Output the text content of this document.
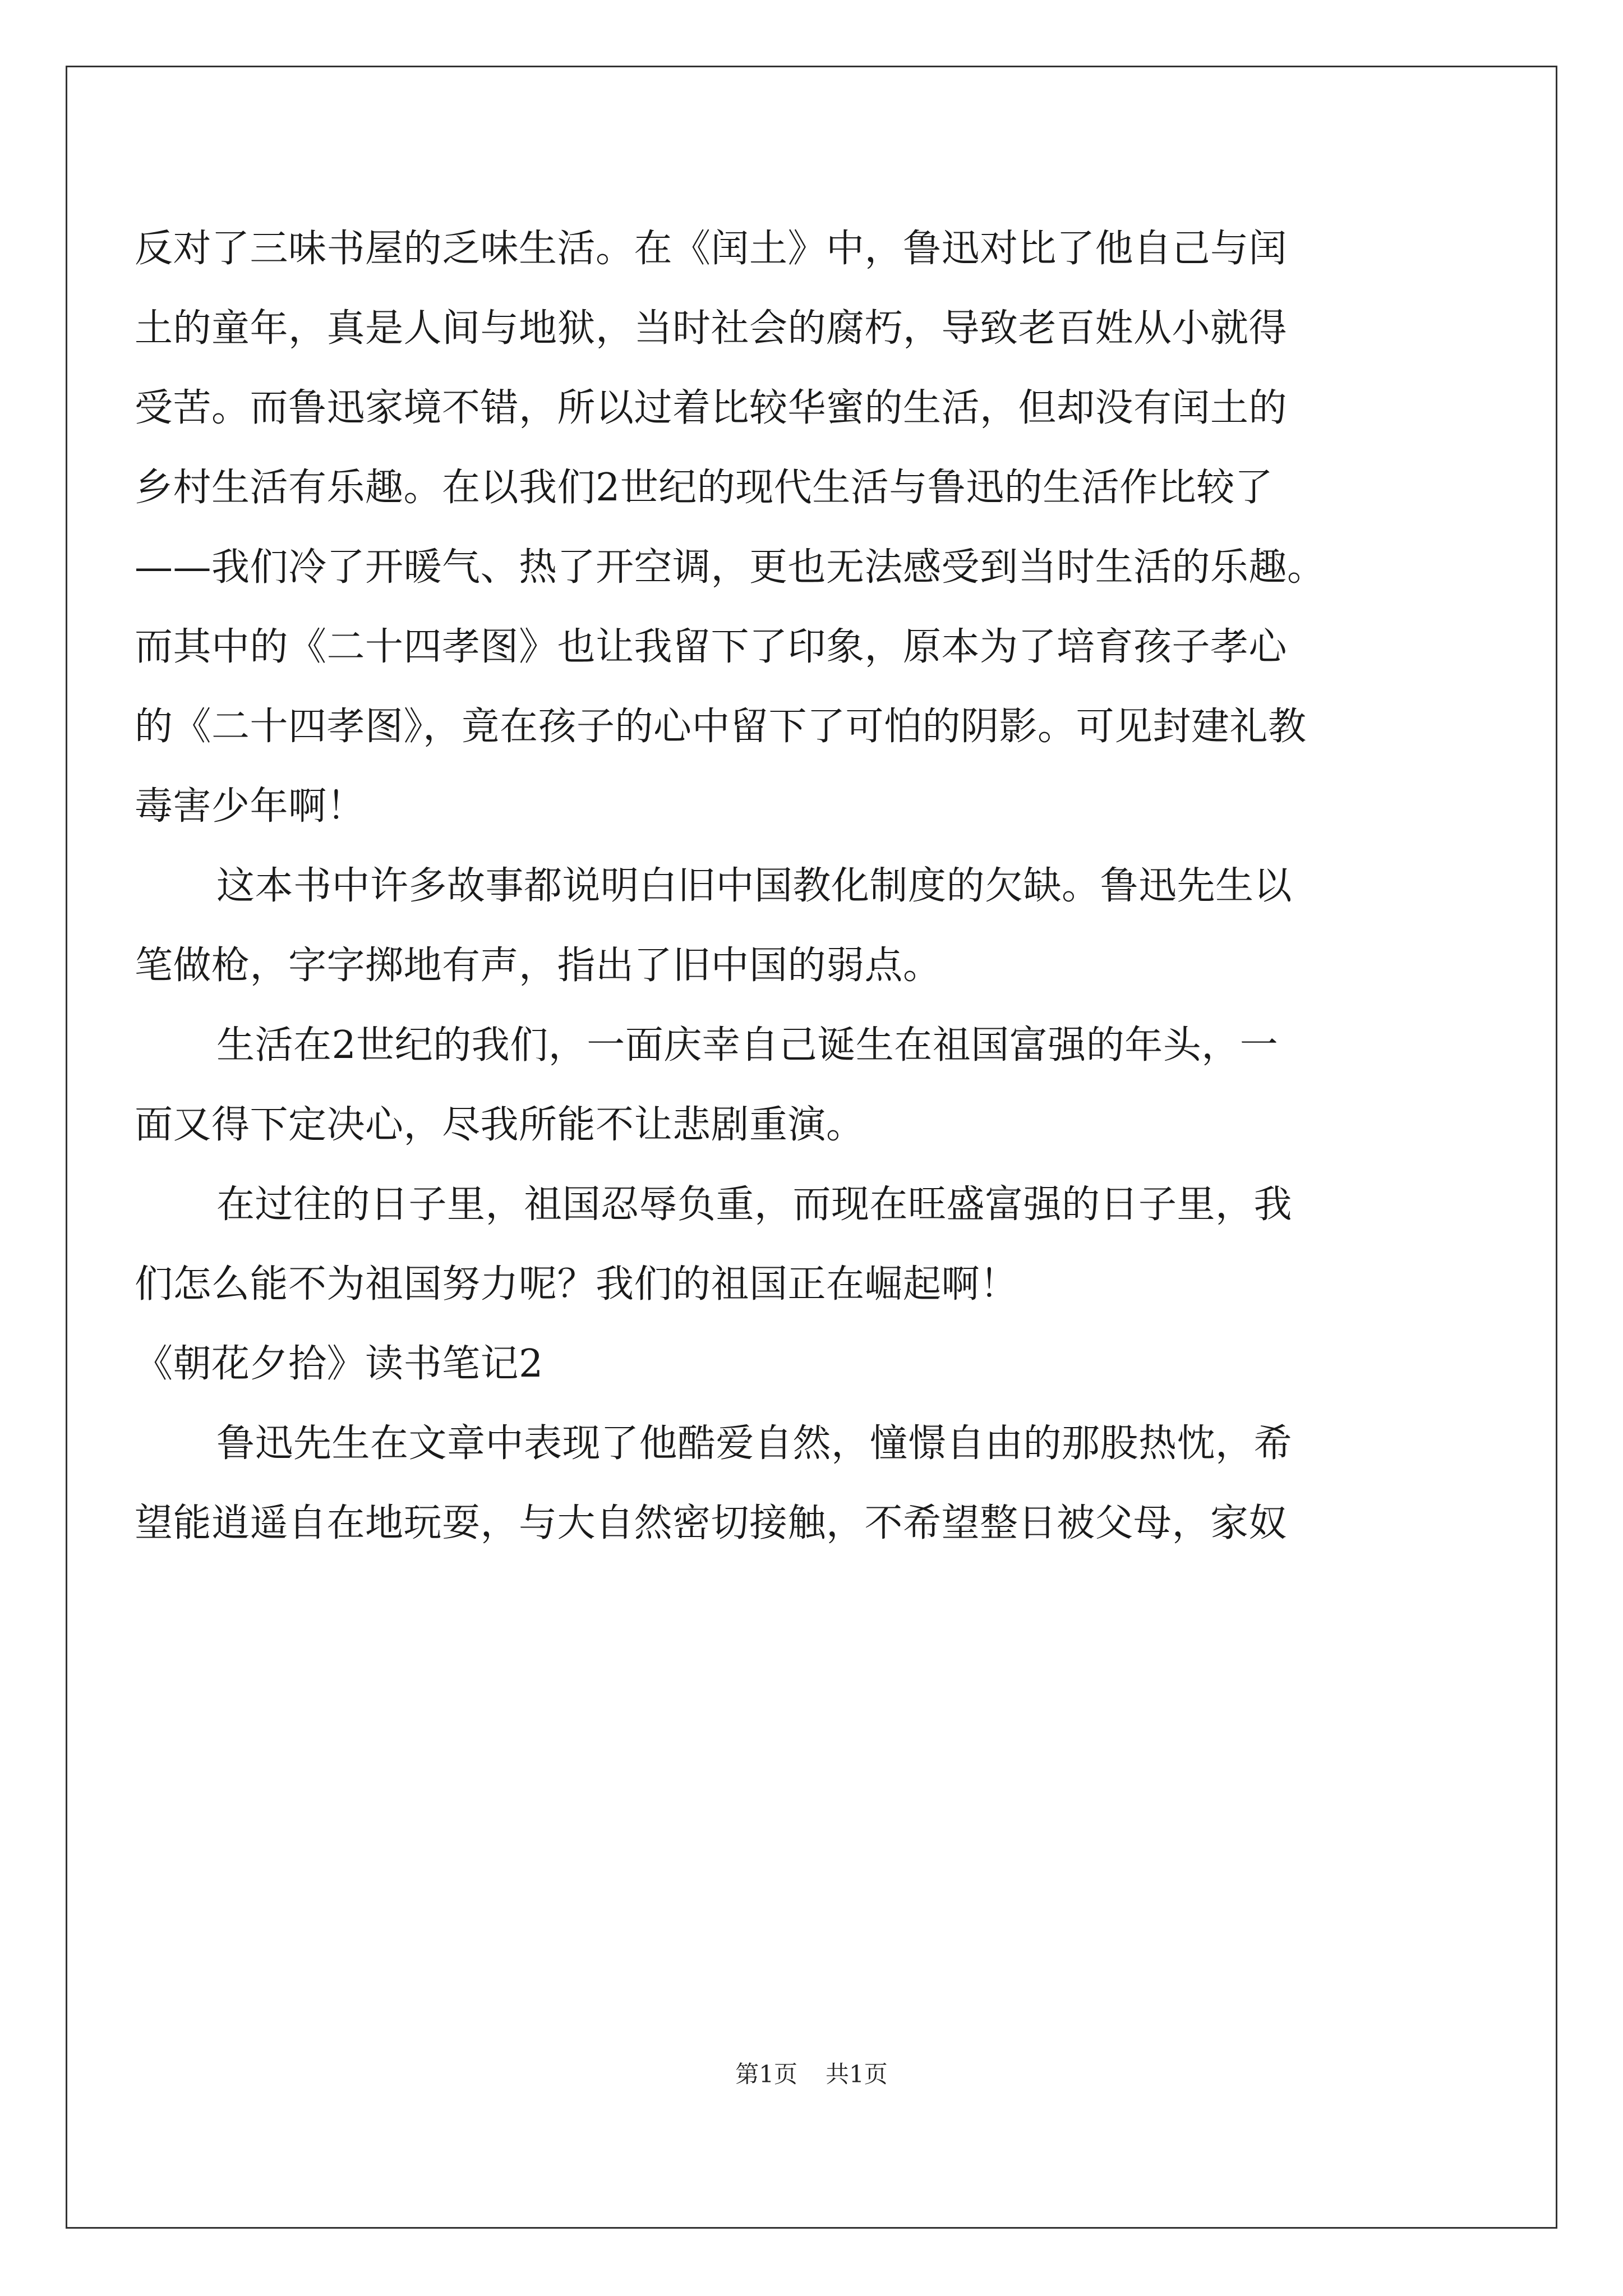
反对了三味书屋的乏味生活。在《闰土》中，鲁迅对比了他自己与闰
土的童年，真是人间与地狱，当时社会的腐朽，导致老百姓从小就得
受苦。而鲁迅家境不错，所以过着比较华蜜的生活，但却没有闰土的
乡村生活有乐趣。在以我们2世纪的现代生活与鲁迅的生活作比较了
——我们冷了开暖气、热了开空调，更也无法感受到当时生活的乐趣。
而其中的《二十四孝图》也让我留下了印象，原本为了培育孩子孝心
的《二十四孝图》，竟在孩子的心中留下了可怕的阴影。可见封建礼教
毒害少年啊！
这本书中许多故事都说明白旧中国教化制度的欠缺。鲁迅先生以
笔做枪，字字掷地有声，指出了旧中国的弱点。
生活在2世纪的我们，一面庆幸自己诞生在祖国富强的年头，一
面又得下定决心，尽我所能不让悲剧重演。
在过往的日子里，祖国忍辱负重，而现在旺盛富强的日子里，我
们怎么能不为祖国努力呢？我们的祖国正在崛起啊！
《朝花夕拾》读书笔记2
鲁迅先生在文章中表现了他酷爱自然，憧憬自由的那股热忱，希
望能逍遥自在地玩耍，与大自然密切接触，不希望整日被父母，家奴
第1页 共1页
